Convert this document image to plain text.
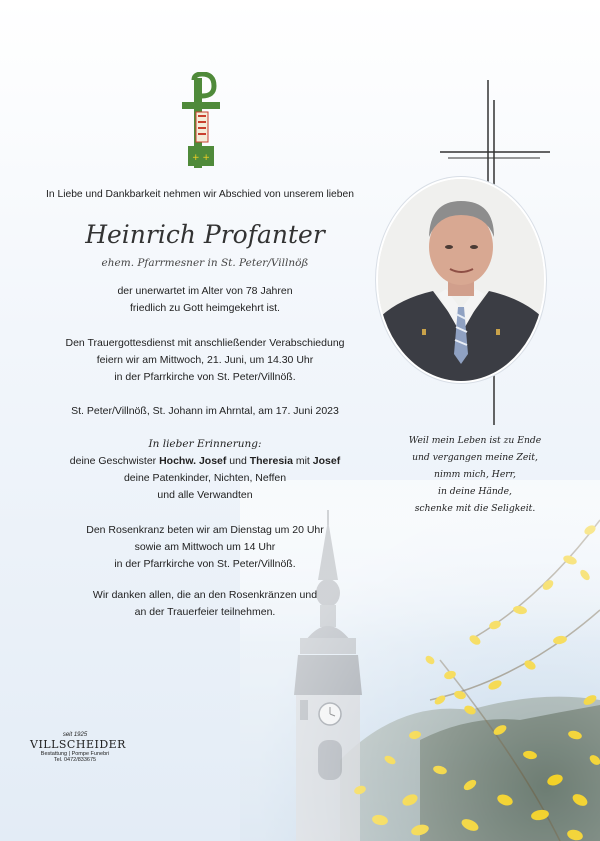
+ +
In Liebe und Dankbarkeit nehmen wir Abschied von unserem lieben
Heinrich Profanter
ehem. Pfarrmesner in St. Peter/Villnöß
der unerwartet im Alter von 78 Jahren
friedlich zu Gott heimgekehrt ist.
Den Trauergottesdienst mit anschließender Verabschiedung
feiern wir am Mittwoch, 21. Juni, um 14.30 Uhr
in der Pfarrkirche von St. Peter/Villnöß.
St. Peter/Villnöß, St. Johann im Ahrntal, am 17. Juni 2023
In lieber Erinnerung:
deine Geschwister Hochw. Josef und Theresia mit Josef
deine Patenkinder, Nichten, Neffen
und alle Verwandten
Den Rosenkranz beten wir am Dienstag um 20 Uhr
sowie am Mittwoch um 14 Uhr
in der Pfarrkirche von St. Peter/Villnöß.
Wir danken allen, die an den Rosenkränzen und
an der Trauerfeier teilnehmen.
Weil mein Leben ist zu Ende
und vergangen meine Zeit,
nimm mich, Herr,
in deine Hände,
schenke mit die Seligkeit.
seit 1925
VILLSCHEIDER
Bestattung | Pompe Funebri
Tel. 0472/833675
